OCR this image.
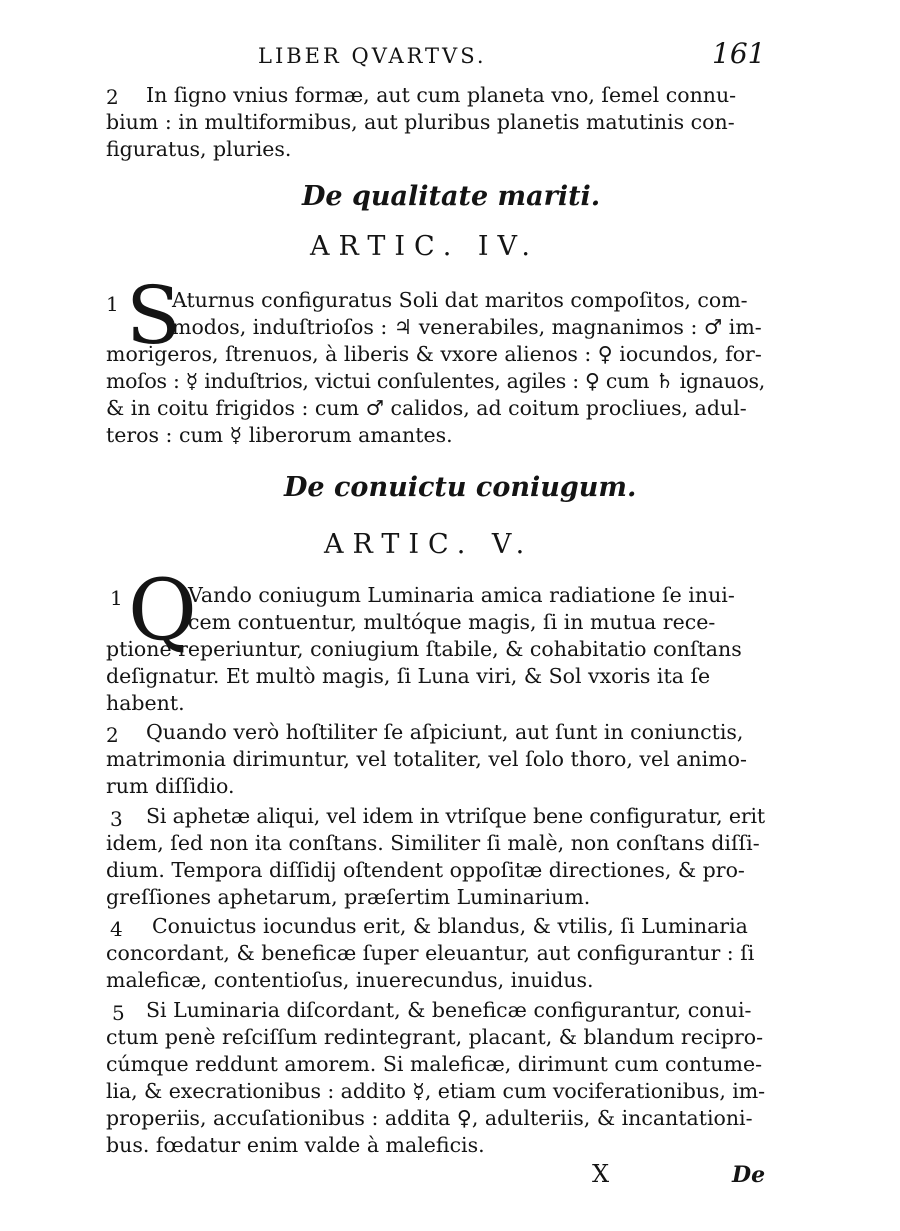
LIBER QVARTVS.	161
2 In ſigno vnius formæ, aut cum planeta vno, ſemel connu-
bium : in multiformibus, aut pluribus planetis matutinis con-
figuratus, pluries.
De qualitate mariti.
ARTIC. IV.
1 S
Aturnus configuratus Soli dat maritos compoſitos, com-
modos, induſtrioſos : ♃ venerabiles, magnanimos : ♂ im-
morigeros, ſtrenuos, à liberis & vxore alienos : ♀ iocundos, for-
moſos : ☿ induſtrios, victui conſulentes, agiles : ♀ cum ♄ ignauos,
& in coitu frigidos : cum ♂ calidos, ad coitum procliues, adul-
teros : cum ☿ liberorum amantes.
De conuictu coniugum.
ARTIC. V.
1 Q
Vando coniugum Luminaria amica radiatione ſe inui-
cem contuentur, multóque magis, ſi in mutua rece-
ptione reperiuntur, coniugium ſtabile, & cohabitatio conſtans
deſignatur. Et multò magis, ſi Luna viri, & Sol vxoris ita ſe
habent.
2 Quando verò hoſtiliter ſe aſpiciunt, aut ſunt in coniunctis,
matrimonia dirimuntur, vel totaliter, vel ſolo thoro, vel animo-
rum diſſidio.
3 Si aphetæ aliqui, vel idem in vtriſque bene configuratur, erit
idem, ſed non ita conſtans. Similiter ſi malè, non conſtans diſſi-
dium. Tempora diſſidij oſtendent oppoſitæ directiones, & pro-
greſſiones aphetarum, præſertim Luminarium.
4 Conuictus iocundus erit, & blandus, & vtilis, ſi Luminaria
concordant, & beneficæ ſuper eleuantur, aut configurantur : ſi
maleficæ, contentioſus, inuerecundus, inuidus.
5 Si Luminaria diſcordant, & beneficæ configurantur, conui-
ctum penè reſciſſum redintegrant, placant, & blandum recipro-
cúmque reddunt amorem. Si maleficæ, dirimunt cum contume-
lia, & execrationibus : addito ☿, etiam cum vociferationibus, im-
properiis, accuſationibus : addita ♀, adulteriis, & incantationi-
bus. fœdatur enim valde à maleficis.
X	De
